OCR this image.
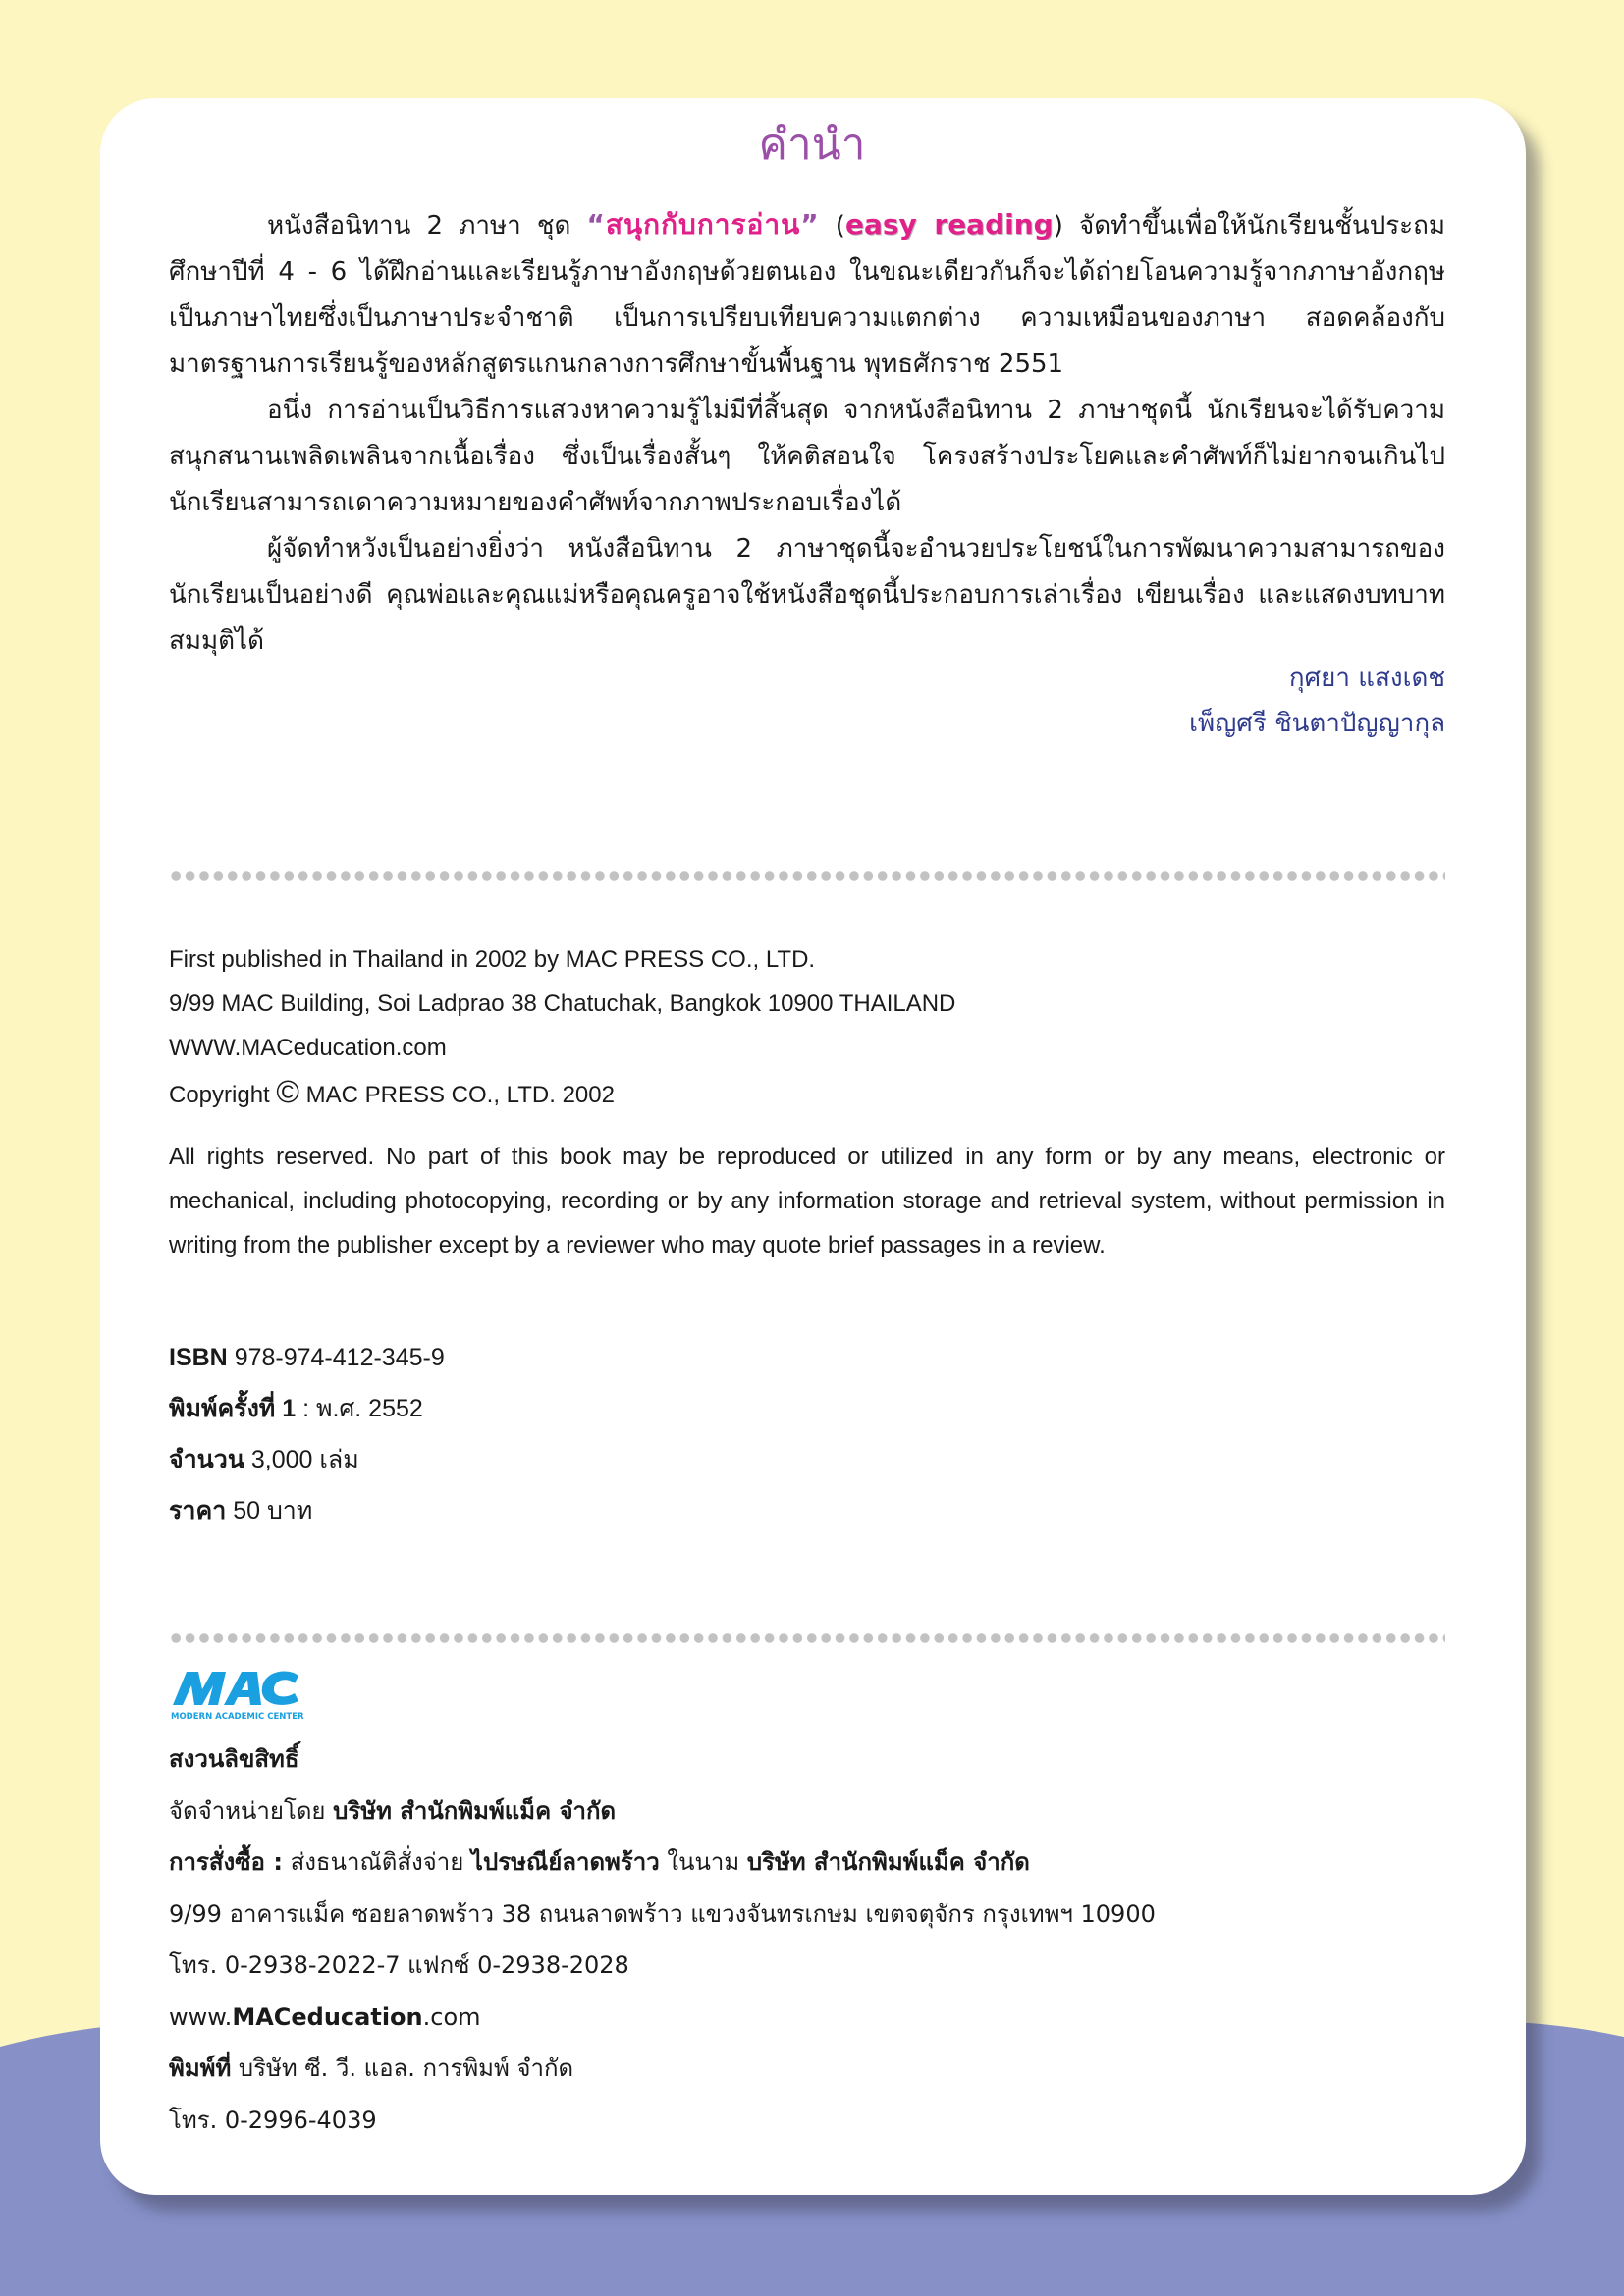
คำนำ

หนังสือนิทาน 2 ภาษา ชุด “สนุกกับการอ่าน” (easy reading) จัดทำขึ้นเพื่อให้นักเรียนชั้นประถมศึกษาปีที่ 4 - 6 ได้ฝึกอ่านและเรียนรู้ภาษาอังกฤษด้วยตนเอง ในขณะเดียวกันก็จะได้ถ่ายโอนความรู้จากภาษาอังกฤษเป็นภาษาไทยซึ่งเป็นภาษาประจำชาติ เป็นการเปรียบเทียบความแตกต่าง ความเหมือนของภาษา สอดคล้องกับมาตรฐานการเรียนรู้ของหลักสูตรแกนกลางการศึกษาขั้นพื้นฐาน พุทธศักราช 2551

อนึ่ง การอ่านเป็นวิธีการแสวงหาความรู้ไม่มีที่สิ้นสุด จากหนังสือนิทาน 2 ภาษาชุดนี้ นักเรียนจะได้รับความสนุกสนานเพลิดเพลินจากเนื้อเรื่อง ซึ่งเป็นเรื่องสั้นๆ ให้คติสอนใจ โครงสร้างประโยคและคำศัพท์ก็ไม่ยากจนเกินไป นักเรียนสามารถเดาความหมายของคำศัพท์จากภาพประกอบเรื่องได้

ผู้จัดทำหวังเป็นอย่างยิ่งว่า หนังสือนิทาน 2 ภาษาชุดนี้จะอำนวยประโยชน์ในการพัฒนาความสามารถของนักเรียนเป็นอย่างดี คุณพ่อและคุณแม่หรือคุณครูอาจใช้หนังสือชุดนี้ประกอบการเล่าเรื่อง เขียนเรื่อง และแสดงบทบาทสมมุติได้

กุศยา แสงเดช
เพ็ญศรี ชินตาปัญญากุล
First published in Thailand in 2002 by MAC PRESS CO., LTD.
9/99 MAC Building, Soi Ladprao 38 Chatuchak, Bangkok 10900 THAILAND
WWW.MACeducation.com
Copyright © MAC PRESS CO., LTD. 2002
All rights reserved. No part of this book may be reproduced or utilized in any form or by any means, electronic or mechanical, including photocopying, recording or by any information storage and retrieval system, without permission in writing from the publisher except by a reviewer who may quote brief passages in a review.
ISBN 978-974-412-345-9
พิมพ์ครั้งที่ 1 : พ.ศ. 2552
จำนวน 3,000 เล่ม
ราคา 50 บาท
MODERN ACADEMIC CENTER
สงวนลิขสิทธิ์
จัดจำหน่ายโดย บริษัท สำนักพิมพ์แม็ค จำกัด
การสั่งซื้อ : ส่งธนาณัติสั่งจ่าย ไปรษณีย์ลาดพร้าว ในนาม บริษัท สำนักพิมพ์แม็ค จำกัด
9/99 อาคารแม็ค ซอยลาดพร้าว 38 ถนนลาดพร้าว แขวงจันทรเกษม เขตจตุจักร กรุงเทพฯ 10900
โทร. 0-2938-2022-7 แฟกซ์ 0-2938-2028
www.MACeducation.com
พิมพ์ที่ บริษัท ซี. วี. แอล. การพิมพ์ จำกัด
โทร. 0-2996-4039
